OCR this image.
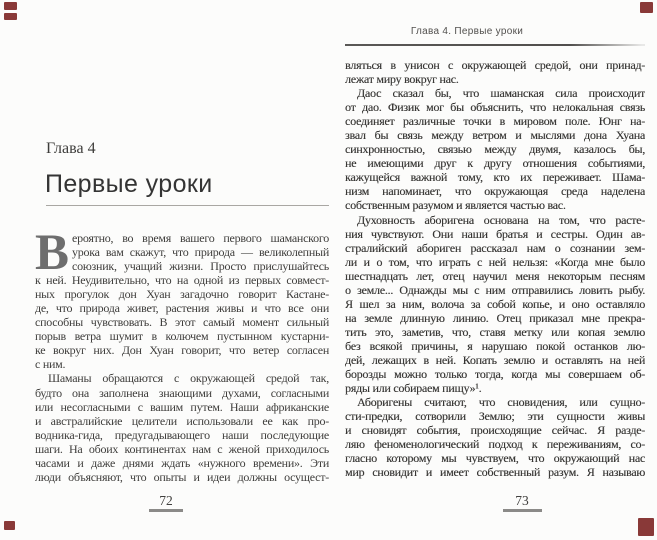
Глава 4
Первые уроки
В ероятно, во время вашего первого шаманского
урока вам скажут, что природа — великолепный
союзник, учащий жизни. Просто прислушайтесь
к ней. Неудивительно, что на одной из первых совмест-
ных прогулок дон Хуан загадочно говорит Кастане-
де, что природа живет, растения живы и что все они
способны чувствовать. В этот самый момент сильный
порыв ветра шумит в колючем пустынном кустарни-
ке вокруг них. Дон Хуан говорит, что ветер согласен
с ним.
Шаманы обращаются с окружающей средой так,
будто она заполнена знающими духами, согласными
или несогласными с вашим путем. Наши африканские
и австралийские целители использовали ее как про-
водника-гида, предугадывающего наши последующие
шаги. На обоих континентах нам с женой приходилось
часами и даже днями ждать «нужного времени». Эти
люди объясняют, что опыты и идеи должны осущест-
72
Глава 4. Первые уроки
вляться в унисон с окружающей средой, они принад-
лежат миру вокруг нас.
Даос сказал бы, что шаманская сила происходит
от дао. Физик мог бы объяснить, что нелокальная связь
соединяет различные точки в мировом поле. Юнг на-
звал бы связь между ветром и мыслями дона Хуана
синхронностью, связью между двумя, казалось бы,
не имеющими друг к другу отношения событиями,
кажущейся важной тому, кто их переживает. Шама-
низм напоминает, что окружающая среда наделена
собственным разумом и является частью вас.
Духовность аборигена основана на том, что расте-
ния чувствуют. Они наши братья и сестры. Один ав-
стралийский абориген рассказал нам о сознании зем-
ли и о том, что играть с ней нельзя: «Когда мне было
шестнадцать лет, отец научил меня некоторым песням
о земле... Однажды мы с ним отправились ловить рыбу.
Я шел за ним, волоча за собой копье, и оно оставляло
на земле длинную линию. Отец приказал мне прекра-
тить это, заметив, что, ставя метку или копая землю
без всякой причины, я нарушаю покой останков лю-
дей, лежащих в ней. Копать землю и оставлять на ней
борозды можно только тогда, когда мы совершаем об-
ряды или собираем пищу»¹.
Аборигены считают, что сновидения, или сущно-
сти-предки, сотворили Землю; эти сущности живы
и сновидят события, происходящие сейчас. Я разде-
ляю феноменологический подход к переживаниям, со-
гласно которому мы чувствуем, что окружающий нас
мир сновидит и имеет собственный разум. Я называю
73
